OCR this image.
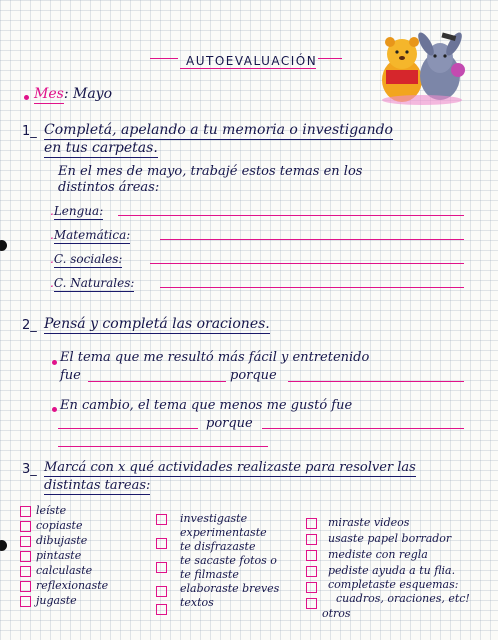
AUTOEVALUACIÓN
Mes: Mayo
1_ Completá, apelando a tu memoria o investigando
en tus carpetas.
En el mes de mayo, trabajé estos temas en los
distintos áreas:
.Lengua:
.Matemática:
.C. sociales:
.C. Naturales:
2_ Pensá y completá las oraciones.
El tema que me resultó más fácil y entretenido
fue	porque
En cambio, el tema que menos me gustó fue
porque
3_ Marcá con x qué actividades realizaste para resolver las
distintas tareas:
leíste
copiaste
dibujaste
pintaste
calculaste
reflexionaste
jugaste
investigaste
experimentaste
te disfrazaste
te sacaste fotos o
te filmaste
elaboraste breves
textos
miraste videos
usaste papel borrador
mediste con regla
pediste ayuda a tu flia.
completaste esquemas:
cuadros, oraciones, etc!
otros
